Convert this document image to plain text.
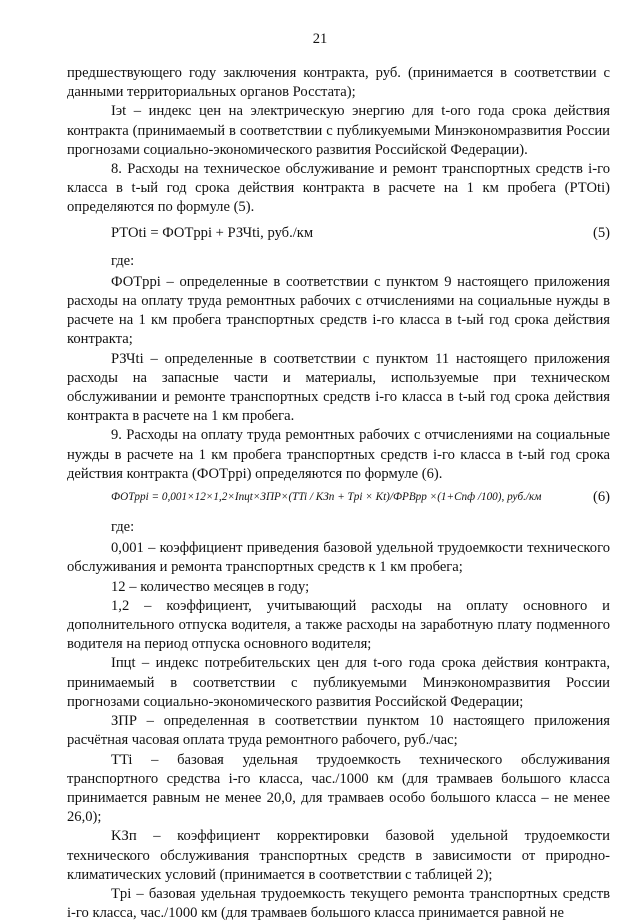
21

предшествующего году заключения контракта, руб. (принимается в соответствии с данными территориальных органов Росстата);

Iэt – индекс цен на электрическую энергию для t-ого года срока действия контракта (принимаемый в соответствии с публикуемыми Минэкономразвития России прогнозами социально-экономического развития Российской Федерации).

8. Расходы на техническое обслуживание и ремонт транспортных средств i-го класса в t-ый год срока действия контракта в расчете на 1 км пробега (РТОti) определяются по формуле (5).

РТОti = ФОТppi + РЗЧti, руб./км	(5)

где:

ФОТppi – определенные в соответствии с пунктом 9 настоящего приложения расходы на оплату труда ремонтных рабочих с отчислениями на социальные нужды в расчете на 1 км пробега транспортных средств i-го класса в t-ый год срока действия контракта;

РЗЧti – определенные в соответствии с пунктом 11 настоящего приложения расходы на запасные части и материалы, используемые при техническом обслуживании и ремонте транспортных средств i-го класса в t-ый год срока действия контракта в расчете на 1 км пробега.

9. Расходы на оплату труда ремонтных рабочих с отчислениями на социальные нужды в расчете на 1 км пробега транспортных средств i-го класса в t-ый год срока действия контракта (ФОТppi) определяются по формуле (6).

ФОТppi = 0,001×12×1,2×Iпцt×ЗПР×(TTi / KЗп + Tpi × Kt)/ФРВрр ×(1+Cпф /100), руб./км	(6)

где:

0,001 – коэффициент приведения базовой удельной трудоемкости технического обслуживания и ремонта транспортных средств к 1 км пробега;

12 – количество месяцев в году;

1,2 – коэффициент, учитывающий расходы на оплату основного и дополнительного отпуска водителя, а также расходы на заработную плату подменного водителя на период отпуска основного водителя;

Iпцt – индекс потребительских цен для t-ого года срока действия контракта, принимаемый в соответствии с публикуемыми Минэкономразвития России прогнозами социально-экономического развития Российской Федерации;

ЗПР – определенная в соответствии пунктом 10 настоящего приложения расчётная часовая оплата труда ремонтного рабочего, руб./час;

TTi – базовая удельная трудоемкость технического обслуживания транспортного средства i-го класса, час./1000 км (для трамваев большого класса принимается равным не менее 20,0, для трамваев особо большого класса – не менее 26,0);

KЗп – коэффициент корректировки базовой удельной трудоемкости технического обслуживания транспортных средств в зависимости от природно-климатических условий (принимается в соответствии с таблицей 2);

Tpi – базовая удельная трудоемкость текущего ремонта транспортных средств i-го класса, час./1000 км (для трамваев большого класса принимается равной не
